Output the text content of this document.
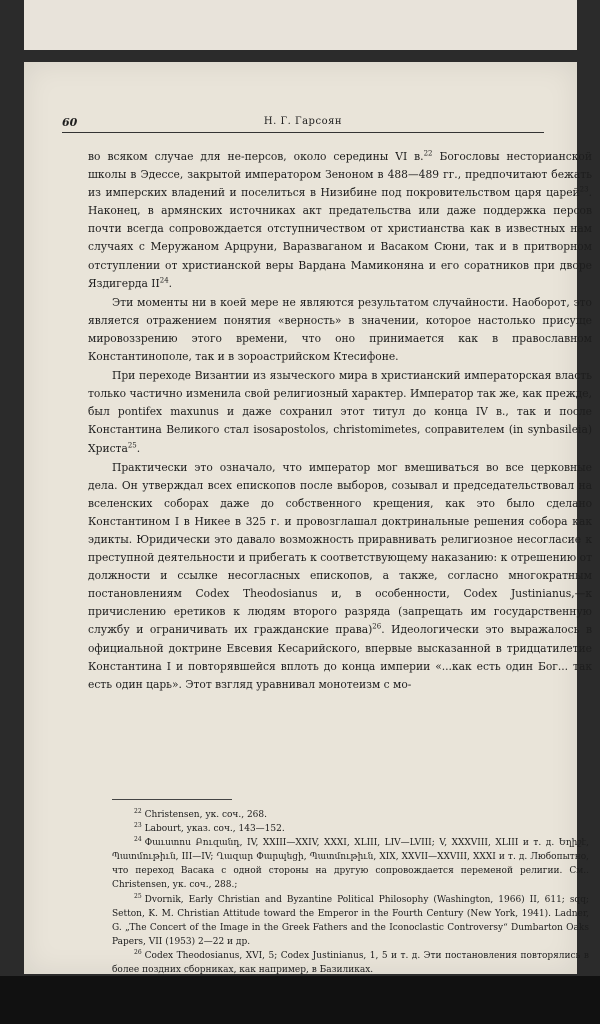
60	Н. Г. Гарсоян

во всяком случае для не-персов, около середины VI в.$^{22}$ Богословы несторианской школы в Эдессе, закрытой императором Зеноном в 488—489 гг., предпочитают бежать из имперских владений и поселиться в Низибине под покровительством царя царей$^{23}$. Наконец, в армянских источниках акт предательства или даже поддержка персов почти всегда сопровождается отступничеством от христианства как в известных нам случаях с Меружаном Арцруни, Варазваганом и Васаком Сюни, так и в притворном отступлении от христианской веры Вардана Мамиконяна и его соратников при дворе Яздигерда II$^{24}$.

Эти моменты ни в коей мере не являются результатом случайности. Наоборот, это является отражением понятия «верность» в значении, которое настолько присуще мировоззрению этого времени, что оно принимается как в православном Константинополе, так и в зороастрийском Ктесифоне.

При переходе Византии из языческого мира в христианский императорская власть только частично изменила свой религиозный характер. Император так же, как прежде, был pontifex maxunus и даже сохранил этот титул до конца IV в., так и после Константина Великого стал isosapostolos, christomimetes, соправителем (in synbasileia) Христа$^{25}$.

Практически это означало, что император мог вмешиваться во все церковные дела. Он утверждал всех епископов после выборов, созывал и председательствовал на вселенских соборах даже до собственного крещения, как это было сделано Константином I в Никее в 325 г. и провозглашал доктринальные решения собора как эдикты. Юридически это давало возможность приравнивать религиозное несогласие к преступной деятельности и прибегать к соответствующему наказанию: к отрешению от должности и ссылке несогласных епископов, а также, согласно многократным постановлениям Codex Theodosianus и, в особенности, Codex Justinianus,—к причислению еретиков к людям второго разряда (запрещать им государственную службу и ограничивать их гражданские права)$^{26}$. Идеологически это выражалось в официальной доктрине Евсевия Кесарийского, впервые высказанной в тридцатилетие Константина I и повторявшейся вплоть до конца империи «...как есть один Бог... так есть один царь». Этот взгляд уравнивал монотеизм с мо-

$^{22}$ Christensen, ук. соч., 268.

$^{23}$ Labourt, указ. соч., 143—152.

$^{24}$ Փաւստոս Բուզանդ, IV, XXIII—XXIV, XXXI, XLIII, LIV—LVIII; V, XXXVIII, XLIII и т. д. Եղիշէ, Պատմութիւն, III—IV; Ղազար Փարպեցի, Պատմութիւն, XIX, XXVII—XXVIII, XXXI и т. д. Любопытно, что переход Васака с одной стороны на другую сопровождается переменой религии. См.. Christensen, ук. соч., 288.;

$^{25}$ Dvornik, Early Christian and Byzantine Political Philosophy (Washington, 1966) II, 611; sqq; Setton, K. M. Christian Attitude toward the Emperor in the Fourth Century (New York, 1941). Ladner, G. „The Concert of the Image in the Greek Fathers and the Iconoclastic Controversy“ Dumbarton Oaks Papers, VII (1953) 2—22 и др.

$^{26}$ Codex Theodosianus, XVI, 5; Codex Justinianus, 1, 5 и т. д. Эти постановления повторялись в более поздних сборниках, как например, в Базиликах.
